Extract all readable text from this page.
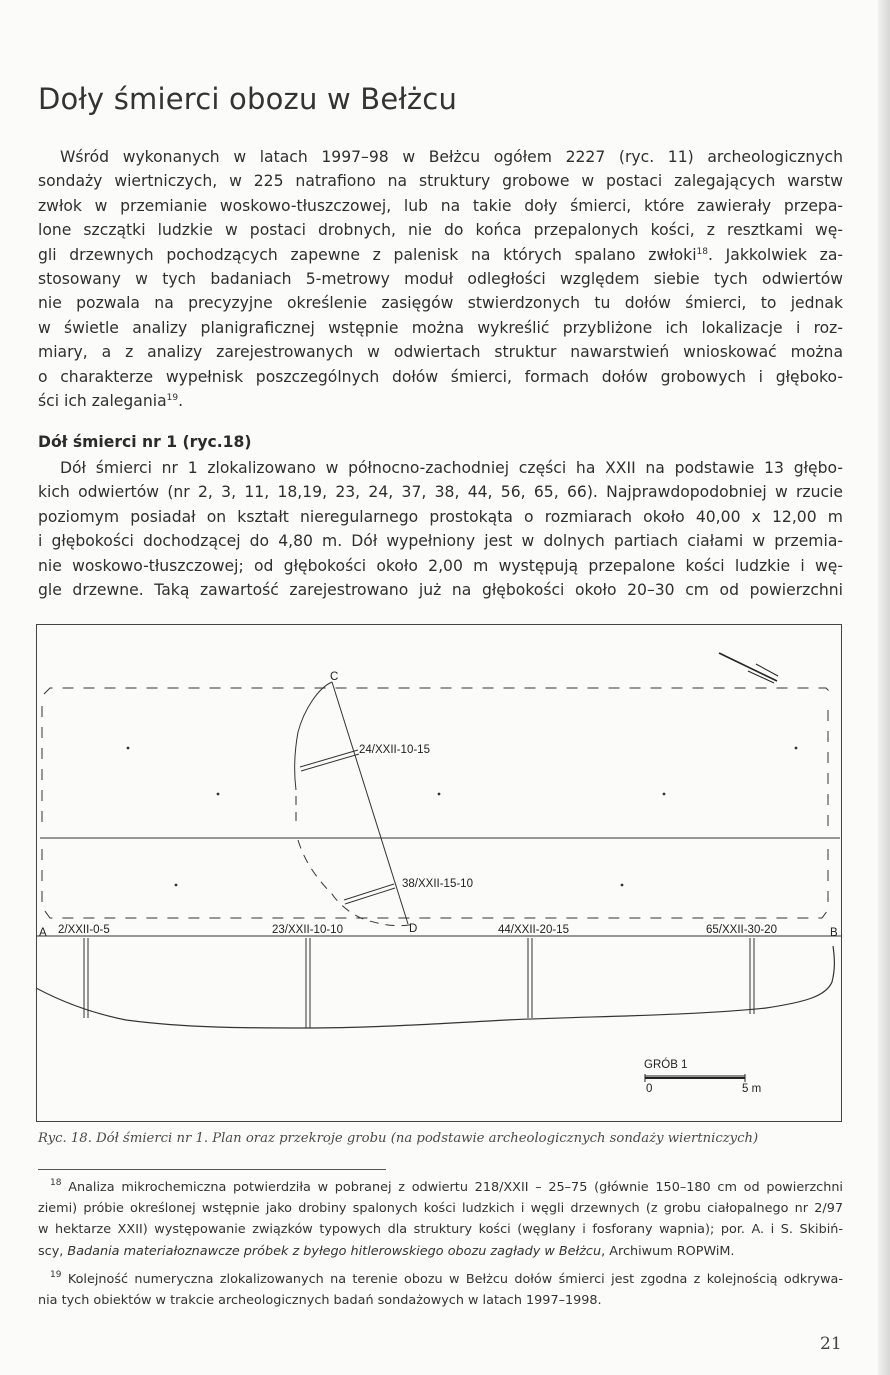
Doły śmierci obozu w Bełżcu
Wśród wykonanych w latach 1997–98 w Bełżcu ogółem 2227 (ryc. 11) archeologicznych
sondaży wiertniczych, w 225 natrafiono na struktury grobowe w postaci zalegających warstw
zwłok w przemianie woskowo-tłuszczowej, lub na takie doły śmierci, które zawierały przepa-
lone szczątki ludzkie w postaci drobnych, nie do końca przepalonych kości, z resztkami wę-
gli drzewnych pochodzących zapewne z palenisk na których spalano zwłoki$^{18}$. Jakkolwiek za-
stosowany w tych badaniach 5-metrowy moduł odległości względem siebie tych odwiertów
nie pozwala na precyzyjne określenie zasięgów stwierdzonych tu dołów śmierci, to jednak
w świetle analizy planigraficznej wstępnie można wykreślić przybliżone ich lokalizacje i roz-
miary, a z analizy zarejestrowanych w odwiertach struktur nawarstwień wnioskować można
o charakterze wypełnisk poszczególnych dołów śmierci, formach dołów grobowych i głęboko-
ści ich zalegania$^{19}$.
Dół śmierci nr 1 (ryc.18)
Dół śmierci nr 1 zlokalizowano w północno-zachodniej części ha XXII na podstawie 13 głębo-
kich odwiertów (nr 2, 3, 11, 18,19, 23, 24, 37, 38, 44, 56, 65, 66). Najprawdopodobniej w rzucie
poziomym posiadał on kształt nieregularnego prostokąta o rozmiarach około 40,00 x 12,00 m
i głębokości dochodzącej do 4,80 m. Dół wypełniony jest w dolnych partiach ciałami w przemia-
nie woskowo-tłuszczowej; od głębokości około 2,00 m występują przepalone kości ludzkie i wę-
gle drzewne. Taką zawartość zarejestrowano już na głębokości około 20–30 cm od powierzchni
C
24/XXII-10-15
38/XXII-15-10
D
A	B
2/XXII-0-5	23/XXII-10-10	44/XXII-20-15	65/XXII-30-20
GRÓB 1
0	5 m
Ryc. 18. Dół śmierci nr 1. Plan oraz przekroje grobu (na podstawie archeologicznych sondaży wiertniczych)
$^{18}$ Analiza mikrochemiczna potwierdziła w pobranej z odwiertu 218/XXII – 25–75 (głównie 150–180 cm od powierzchni
ziemi) próbie określonej wstępnie jako drobiny spalonych kości ludzkich i węgli drzewnych (z grobu ciałopalnego nr 2/97
w hektarze XXII) występowanie związków typowych dla struktury kości (węglany i fosforany wapnia); por. A. i S. Skibiń-
scy, Badania materiałoznawcze próbek z byłego hitlerowskiego obozu zagłady w Bełżcu, Archiwum ROPWiM.
$^{19}$ Kolejność numeryczna zlokalizowanych na terenie obozu w Bełżcu dołów śmierci jest zgodna z kolejnością odkrywa-
nia tych obiektów w trakcie archeologicznych badań sondażowych w latach 1997–1998.
21
